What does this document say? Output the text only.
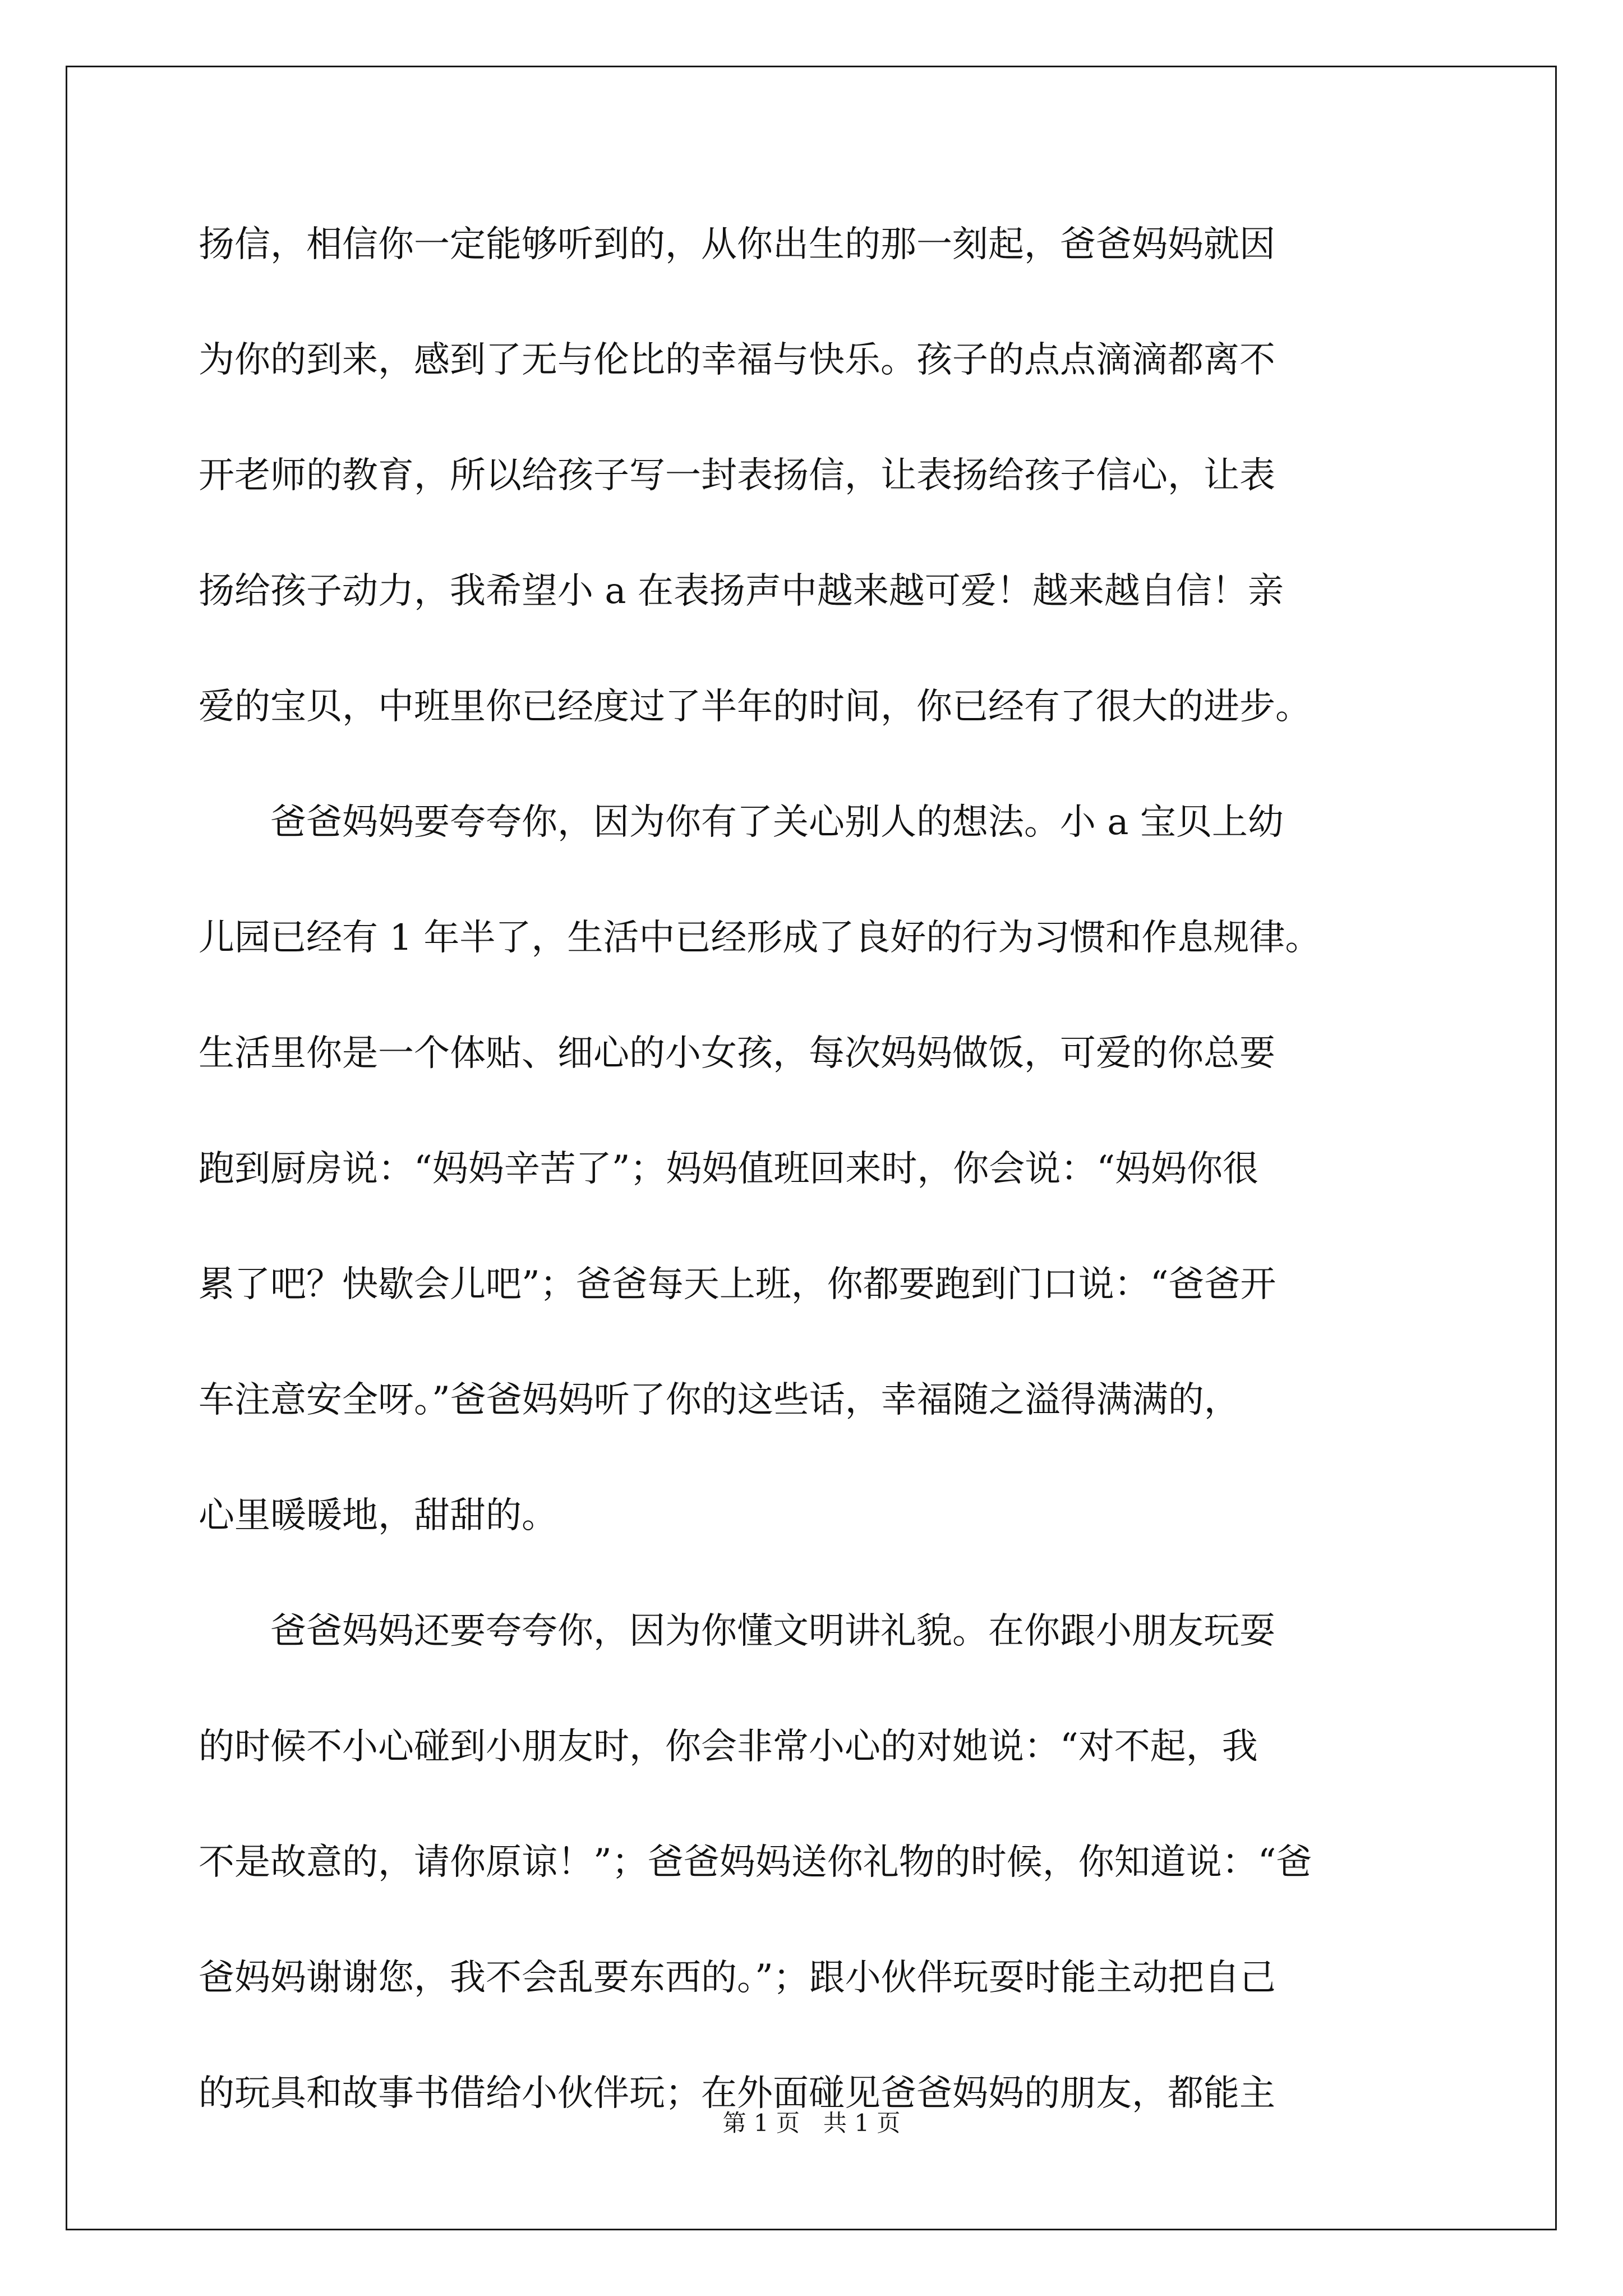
扬信，相信你一定能够听到的，从你出生的那一刻起，爸爸妈妈就因

为你的到来，感到了无与伦比的幸福与快乐。孩子的点点滴滴都离不

开老师的教育，所以给孩子写一封表扬信，让表扬给孩子信心，让表

扬给孩子动力，我希望小 a 在表扬声中越来越可爱！越来越自信！亲

爱的宝贝，中班里你已经度过了半年的时间，你已经有了很大的进步。

　　爸爸妈妈要夸夸你，因为你有了关心别人的想法。小 a 宝贝上幼

儿园已经有 1 年半了，生活中已经形成了良好的行为习惯和作息规律。

生活里你是一个体贴、细心的小女孩，每次妈妈做饭，可爱的你总要

跑到厨房说：“妈妈辛苦了”；妈妈值班回来时，你会说：“妈妈你很

累了吧？快歇会儿吧”；爸爸每天上班，你都要跑到门口说：“爸爸开

车注意安全呀。”爸爸妈妈听了你的这些话，幸福随之溢得满满的，

心里暖暖地，甜甜的。

　　爸爸妈妈还要夸夸你，因为你懂文明讲礼貌。在你跟小朋友玩耍

的时候不小心碰到小朋友时，你会非常小心的对她说：“对不起，我

不是故意的，请你原谅！”；爸爸妈妈送你礼物的时候，你知道说：“爸

爸妈妈谢谢您，我不会乱要东西的。”；跟小伙伴玩耍时能主动把自己

的玩具和故事书借给小伙伴玩；在外面碰见爸爸妈妈的朋友，都能主

第 1 页　共 1 页
